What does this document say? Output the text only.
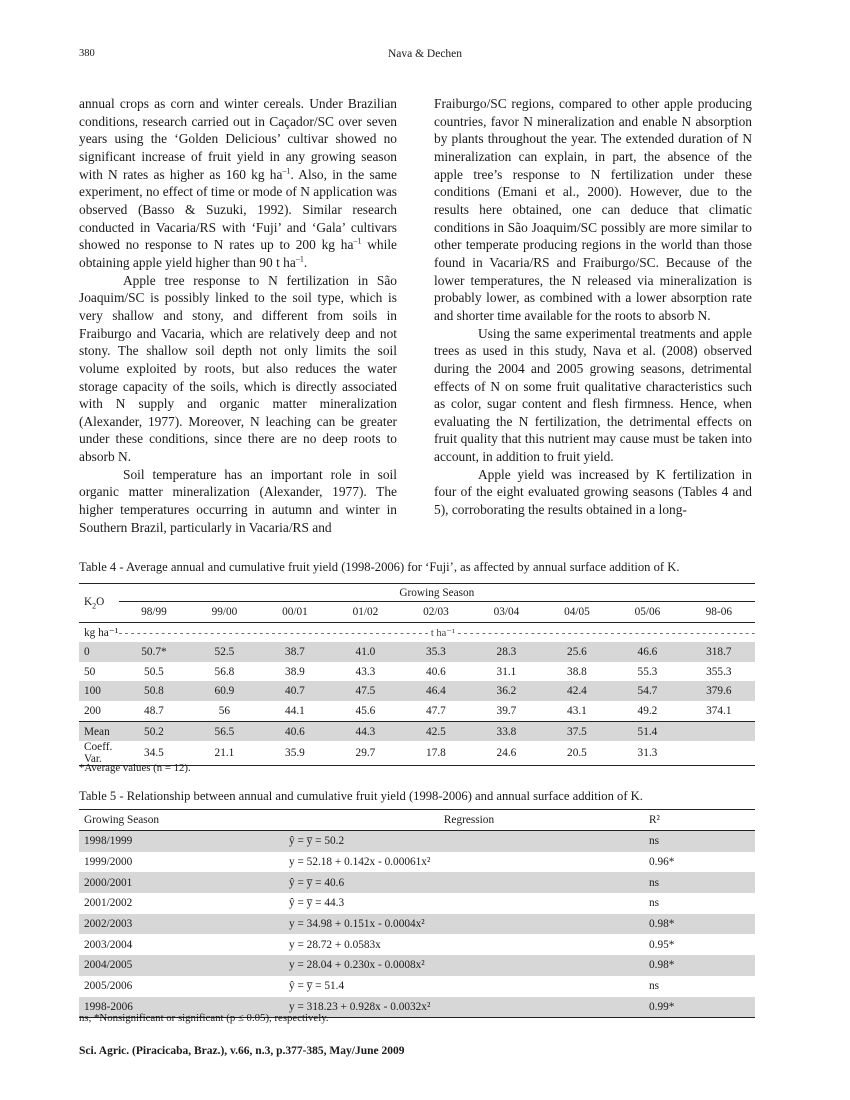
380	Nava & Dechen

annual crops as corn and winter cereals. Under Brazilian conditions, research carried out in Caçador/SC over seven years using the ‘Golden Delicious’ cultivar showed no significant increase of fruit yield in any growing season with N rates as higher as 160 kg $ha^{-1}$. Also, in the same experiment, no effect of time or mode of N application was observed (Basso & Suzuki, 1992). Similar research conducted in Vacaria/RS with ‘Fuji’ and ‘Gala’ cultivars showed no response to N rates up to 200 kg $ha^{-1}$ while obtaining apple yield higher than 90 t $ha^{-1}$.

Apple tree response to N fertilization in São Joaquim/SC is possibly linked to the soil type, which is very shallow and stony, and different from soils in Fraiburgo and Vacaria, which are relatively deep and not stony. The shallow soil depth not only limits the soil volume exploited by roots, but also reduces the water storage capacity of the soils, which is directly associated with N supply and organic matter mineralization (Alexander, 1977). Moreover, N leaching can be greater under these conditions, since there are no deep roots to absorb N.

Soil temperature has an important role in soil organic matter mineralization (Alexander, 1977). The higher temperatures occurring in autumn and winter in Southern Brazil, particularly in Vacaria/RS and

Fraiburgo/SC regions, compared to other apple producing countries, favor N mineralization and enable N absorption by plants throughout the year. The extended duration of N mineralization can explain, in part, the absence of the apple tree’s response to N fertilization under these conditions (Emani et al., 2000). However, due to the results here obtained, one can deduce that climatic conditions in São Joaquim/SC possibly are more similar to other temperate producing regions in the world than those found in Vacaria/RS and Fraiburgo/SC. Because of the lower temperatures, the N released via mineralization is probably lower, as combined with a lower absorption rate and shorter time available for the roots to absorb N.

Using the same experimental treatments and apple trees as used in this study, Nava et al. (2008) observed during the 2004 and 2005 growing seasons, detrimental effects of N on some fruit qualitative characteristics such as color, sugar content and flesh firmness. Hence, when evaluating the N fertilization, the detrimental effects on fruit quality that this nutrient may cause must be taken into account, in addition to fruit yield.

Apple yield was increased by K fertilization in four of the eight evaluated growing seasons (Tables 4 and 5), corroborating the results obtained in a long-

Table 4 - Average annual and cumulative fruit yield (1998-2006) for ‘Fuji’, as affected by annual surface addition of K.
$K_2O$	Growing Season								
	98/99	99/00	00/01	01/02	02/03	03/04	04/05	05/06	98-06
kg ha⁻¹	- - - - - - - - - - - - - - - - - - - - - - - - - - - - - - - - - - - - - - - - - - - - - - - - - - - t ha⁻¹ - - - - - - - - - - - - - - - - - - - - - - - - - - - - - - - - - - - - - - - - - - - - - - - - -								
0	50.7*	52.5	38.7	41.0	35.3	28.3	25.6	46.6	318.7
50	50.5	56.8	38.9	43.3	40.6	31.1	38.8	55.3	355.3
100	50.8	60.9	40.7	47.5	46.4	36.2	42.4	54.7	379.6
200	48.7	56	44.1	45.6	47.7	39.7	43.1	49.2	374.1
Mean	50.2	56.5	40.6	44.3	42.5	33.8	37.5	51.4	
Coeff. Var.	34.5	21.1	35.9	29.7	17.8	24.6	20.5	31.3	
*Average values (n = 12).
Table 5 - Relationship between annual and cumulative fruit yield (1998-2006) and annual surface addition of K.
Growing Season	Regression	R²
1998/1999	ŷ = y̅ = 50.2	ns
1999/2000	y = 52.18 + 0.142x - 0.00061x²	0.96*
2000/2001	ŷ = y̅ = 40.6	ns
2001/2002	ŷ = y̅ = 44.3	ns
2002/2003	y = 34.98 + 0.151x - 0.0004x²	0.98*
2003/2004	y = 28.72 + 0.0583x	0.95*
2004/2005	y = 28.04 + 0.230x - 0.0008x²	0.98*
2005/2006	ŷ = y̅ = 51.4	ns
1998-2006	y = 318.23 + 0.928x - 0.0032x²	0.99*
ns, *Nonsignificant or significant (p ≤ 0.05), respectively.
Sci. Agric. (Piracicaba, Braz.), v.66, n.3, p.377-385, May/June 2009
